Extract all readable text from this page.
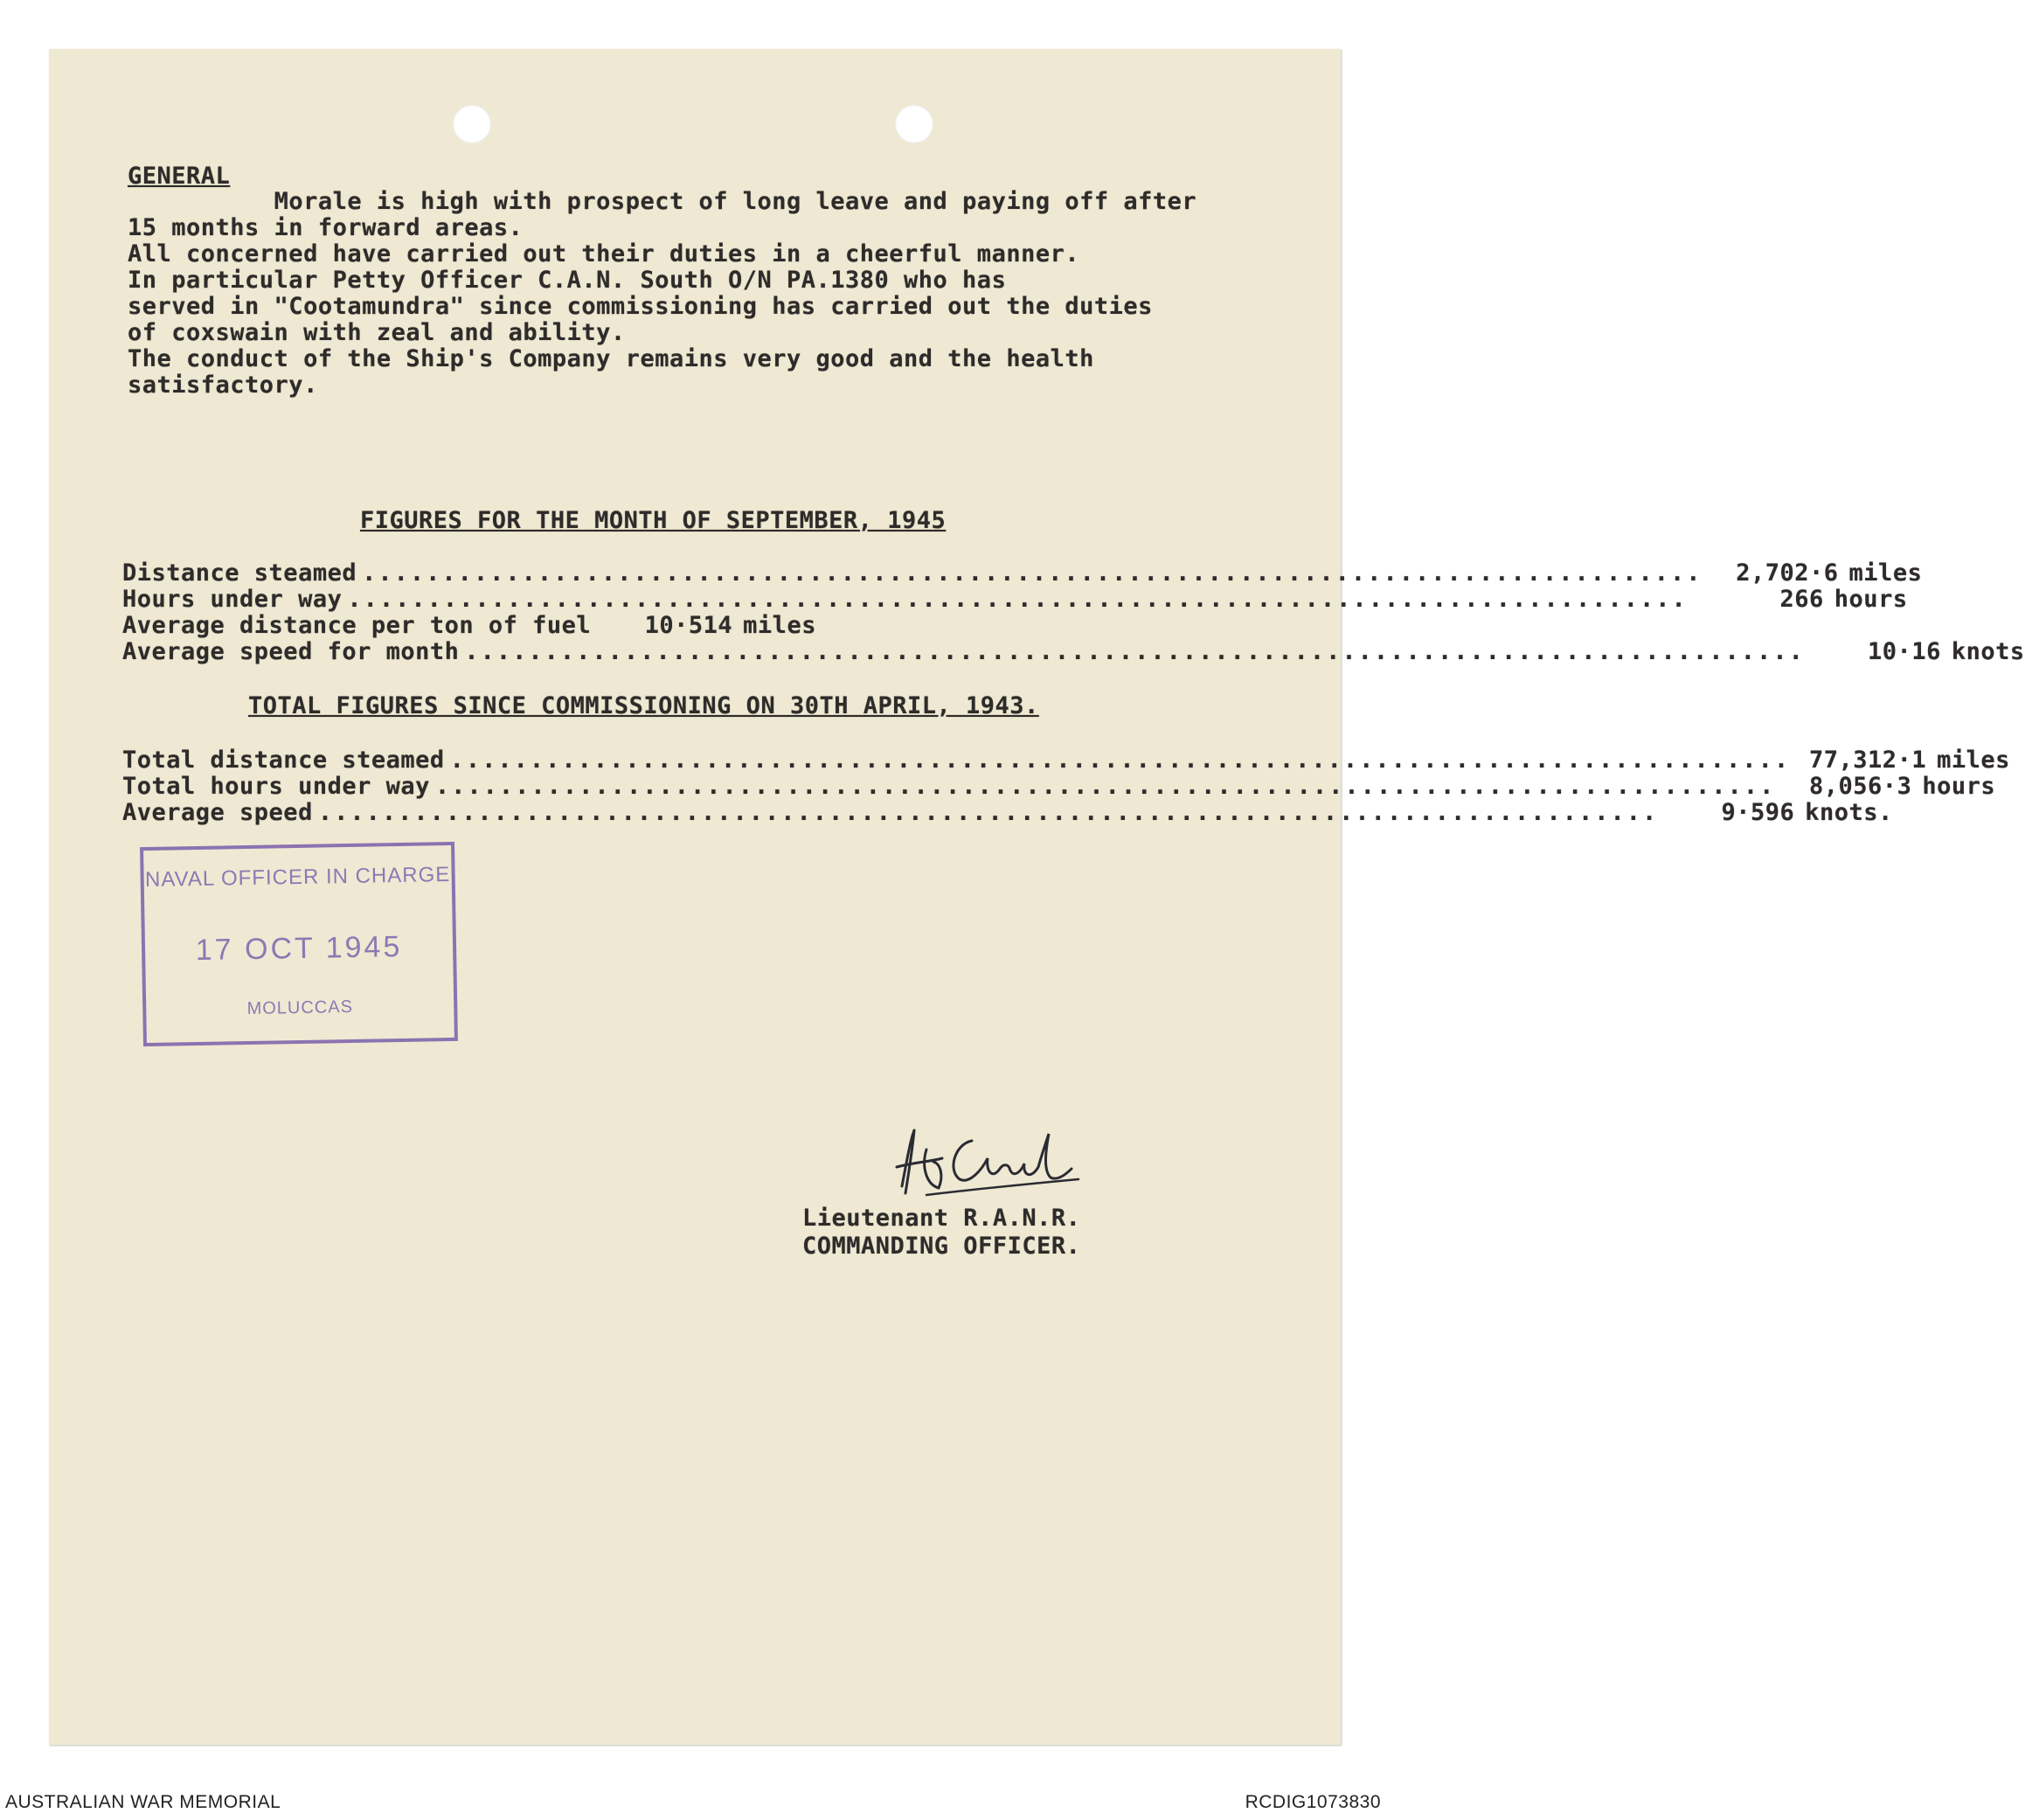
GENERAL

Morale is high with prospect of long leave and paying off after

15 months in forward areas.

All concerned have carried out their duties in a cheerful manner.

In particular Petty Officer C.A.N. South O/N PA.1380 who has

served in "Cootamundra" since commissioning has carried out the duties

of coxswain with zeal and ability.

The conduct of the Ship's Company remains very good and the health

satisfactory.

FIGURES FOR THE MONTH OF SEPTEMBER, 1945
Distance steamed ....................................................................................	2,702·6 miles
Hours under way ....................................................................................	266 hours
Average distance per ton of fuel	10·514 miles
Average speed for month ....................................................................................	10·16 knots
TOTAL FIGURES SINCE COMMISSIONING ON 30TH APRIL, 1943.
Total distance steamed .................................................................................... 77,312·1 miles
Total hours under way ....................................................................................	8,056·3 hours
Average speed ....................................................................................	9·596 knots.
NAVAL OFFICER IN CHARGE
17 OCT 1945
MOLUCCAS
Lieutenant R.A.N.R.
COMMANDING OFFICER.
AUSTRALIAN WAR MEMORIAL	RCDIG1073830
